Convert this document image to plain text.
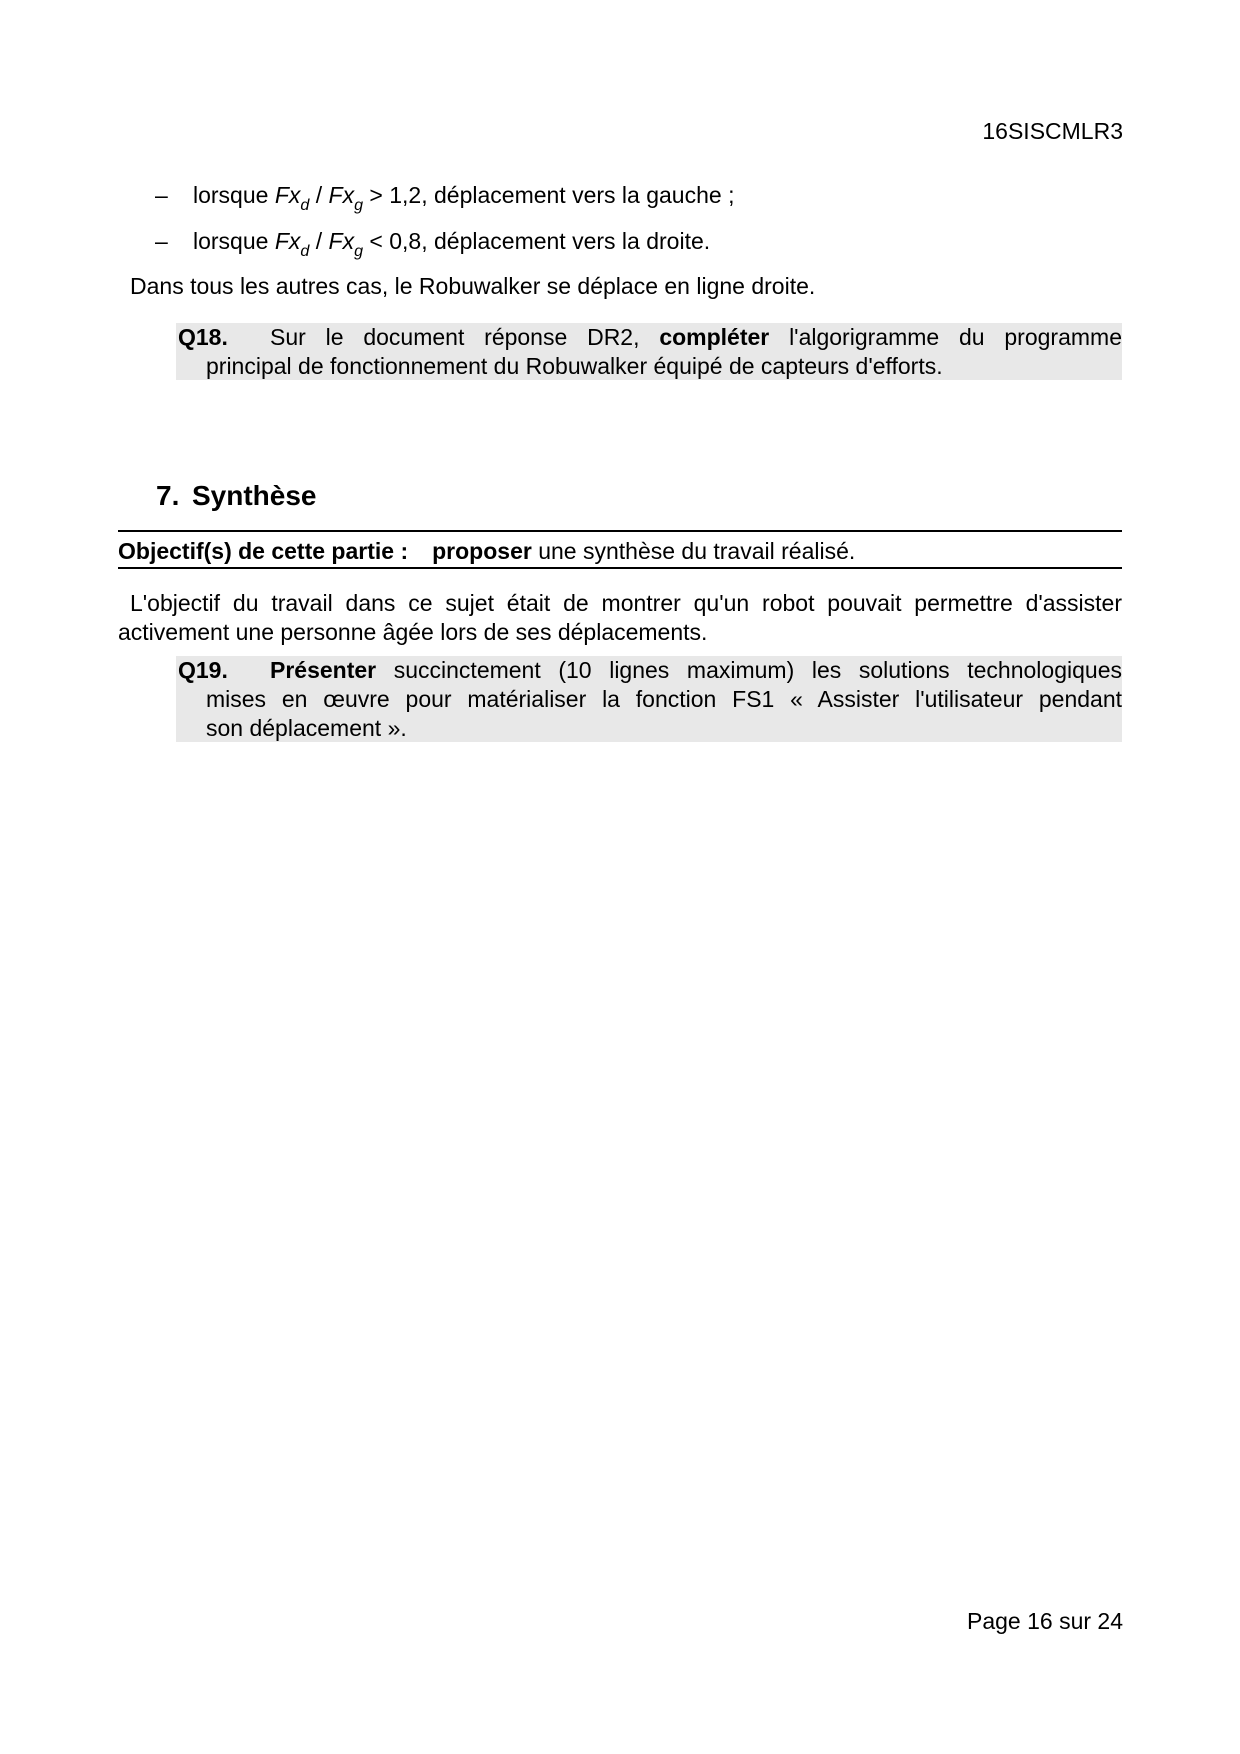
16SISCMLR3
– lorsque $Fx_d / Fx_g > 1,2$, déplacement vers la gauche ;
– lorsque $Fx_d / Fx_g < 0,8$, déplacement vers la droite.
Dans tous les autres cas, le Robuwalker se déplace en ligne droite.
Q18. Sur le document réponse DR2, compléter l'algorigramme du programme
principal de fonctionnement du Robuwalker équipé de capteurs d'efforts.
7. Synthèse
Objectif(s) de cette partie : proposer une synthèse du travail réalisé.
L'objectif du travail dans ce sujet était de montrer qu'un robot pouvait permettre d'assister
activement une personne âgée lors de ses déplacements.
Q19. Présenter succinctement (10 lignes maximum) les solutions technologiques
mises en œuvre pour matérialiser la fonction FS1 « Assister l'utilisateur pendant
son déplacement ».
Page 16 sur 24
